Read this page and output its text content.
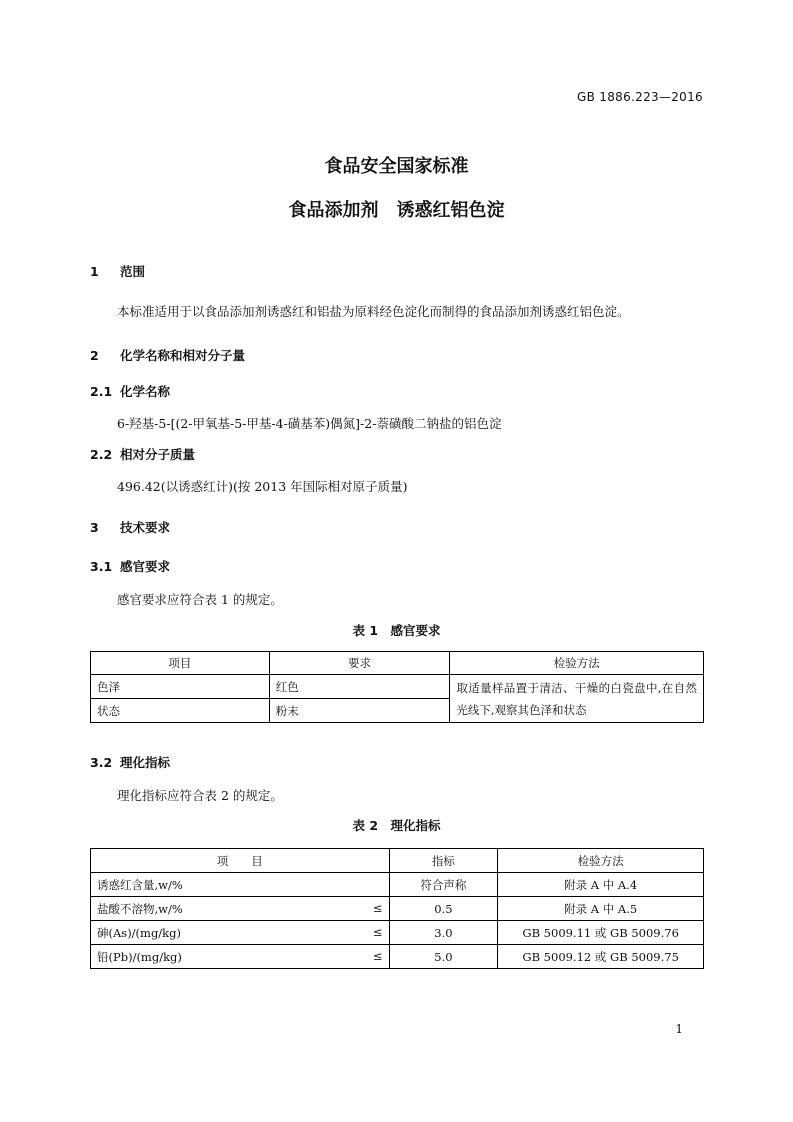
GB 1886.223—2016
食品安全国家标准
食品添加剂　诱惑红铝色淀
1 范围
本标准适用于以食品添加剂诱惑红和铝盐为原料经色淀化而制得的食品添加剂诱惑红铝色淀。
2 化学名称和相对分子量
2.1 化学名称
6-羟基-5-[(2-甲氧基-5-甲基-4-磺基苯)偶氮]-2-萘磺酸二钠盐的铝色淀
2.2 相对分子质量
496.42(以诱惑红计)(按 2013 年国际相对原子质量)
3 技术要求
3.1 感官要求
感官要求应符合表 1 的规定。
表 1　感官要求
项目	要求	检验方法
色泽	红色	取适量样品置于清洁、干燥的白瓷盘中,在自然光线下,观察其色泽和状态
状态	粉末	
3.2 理化指标
理化指标应符合表 2 的规定。
表 2　理化指标
项　　目	指标	检验方法
诱惑红含量,w/%	符合声称	附录 A 中 A.4
盐酸不溶物,w/% ≤	0.5	附录 A 中 A.5
砷(As)/(mg/kg) ≤	3.0	GB 5009.11 或 GB 5009.76
铅(Pb)/(mg/kg) ≤	5.0	GB 5009.12 或 GB 5009.75
1
